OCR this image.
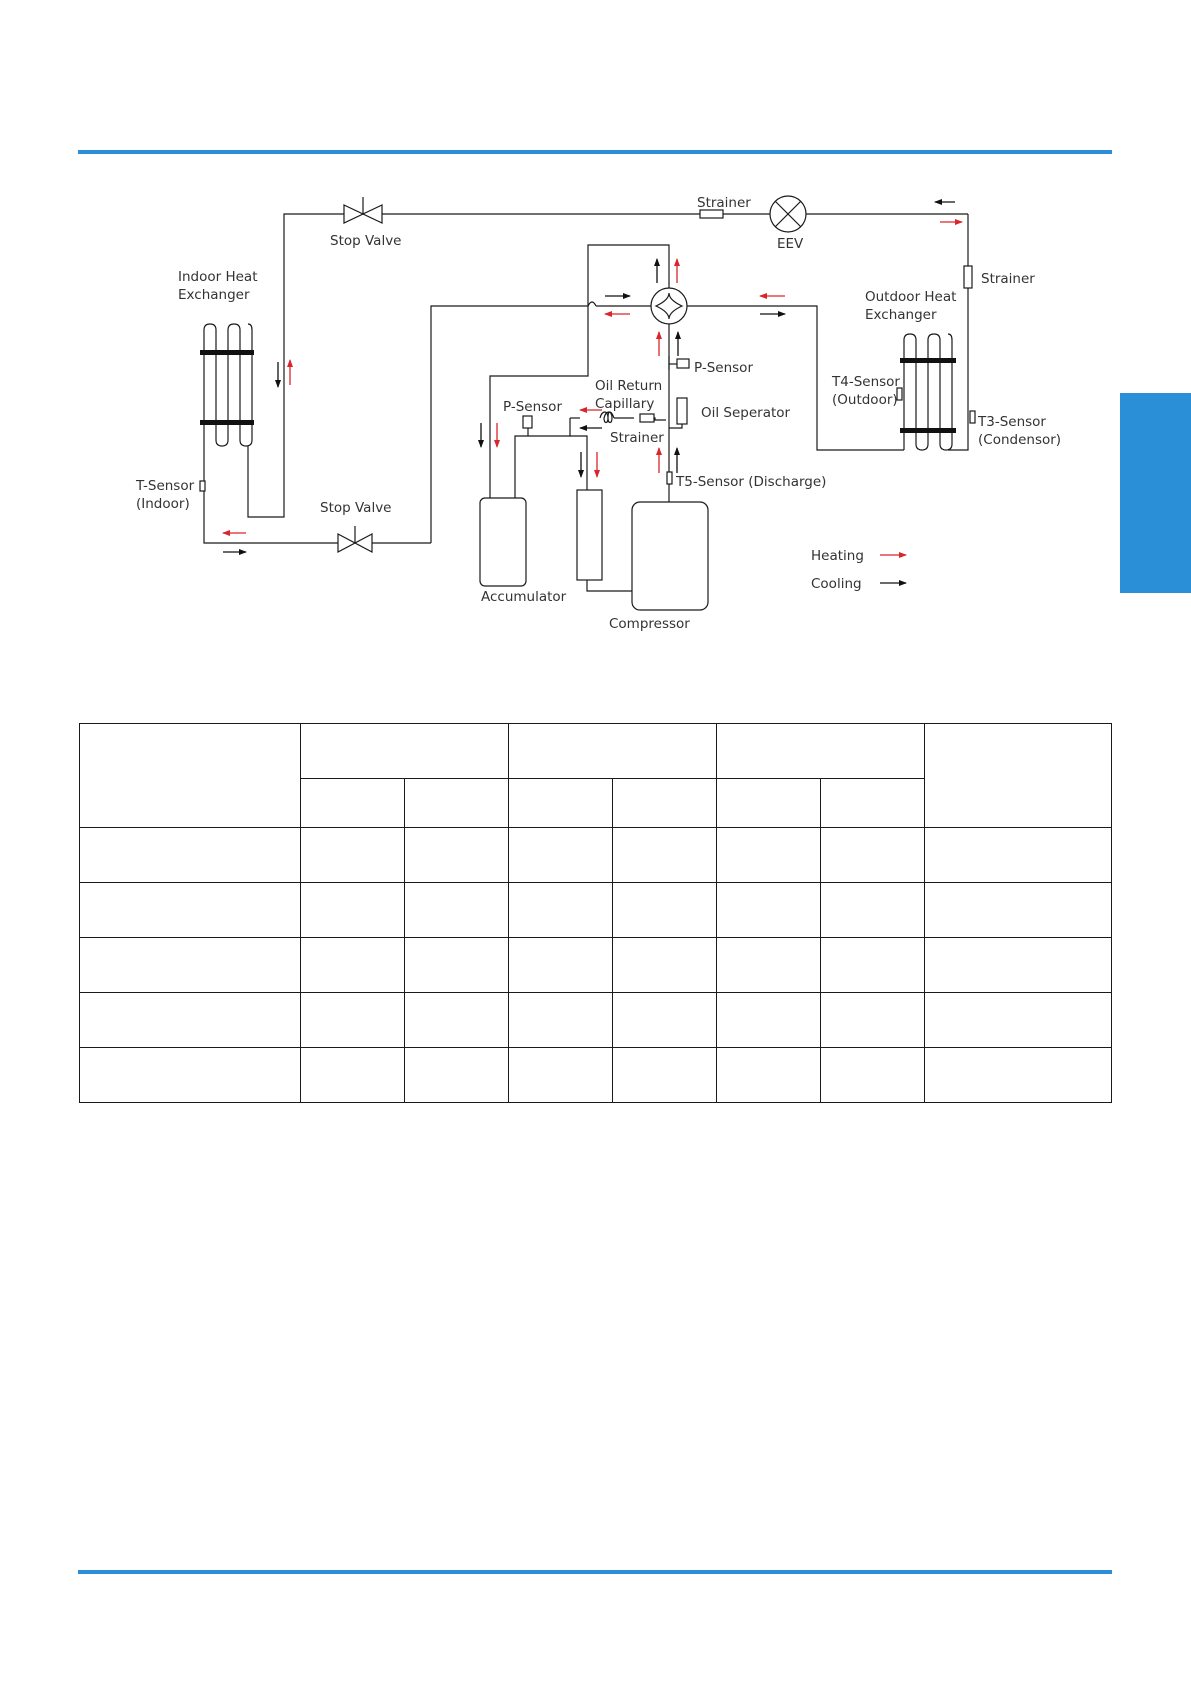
Heating
Cooling
Stop Valve
Strainer
EEV
Strainer
Indoor Heat
Exchanger	Outdoor Heat
Exchanger
P-Sensor
P-Sensor
Oil Return
Capillary
Strainer
Oil Seperator
T4-Sensor
(Outdoor)
T3-Sensor
(Condensor)
T-Sensor
(Indoor)
T5-Sensor (Discharge)
Stop Valve
Accumulator
Compressor
